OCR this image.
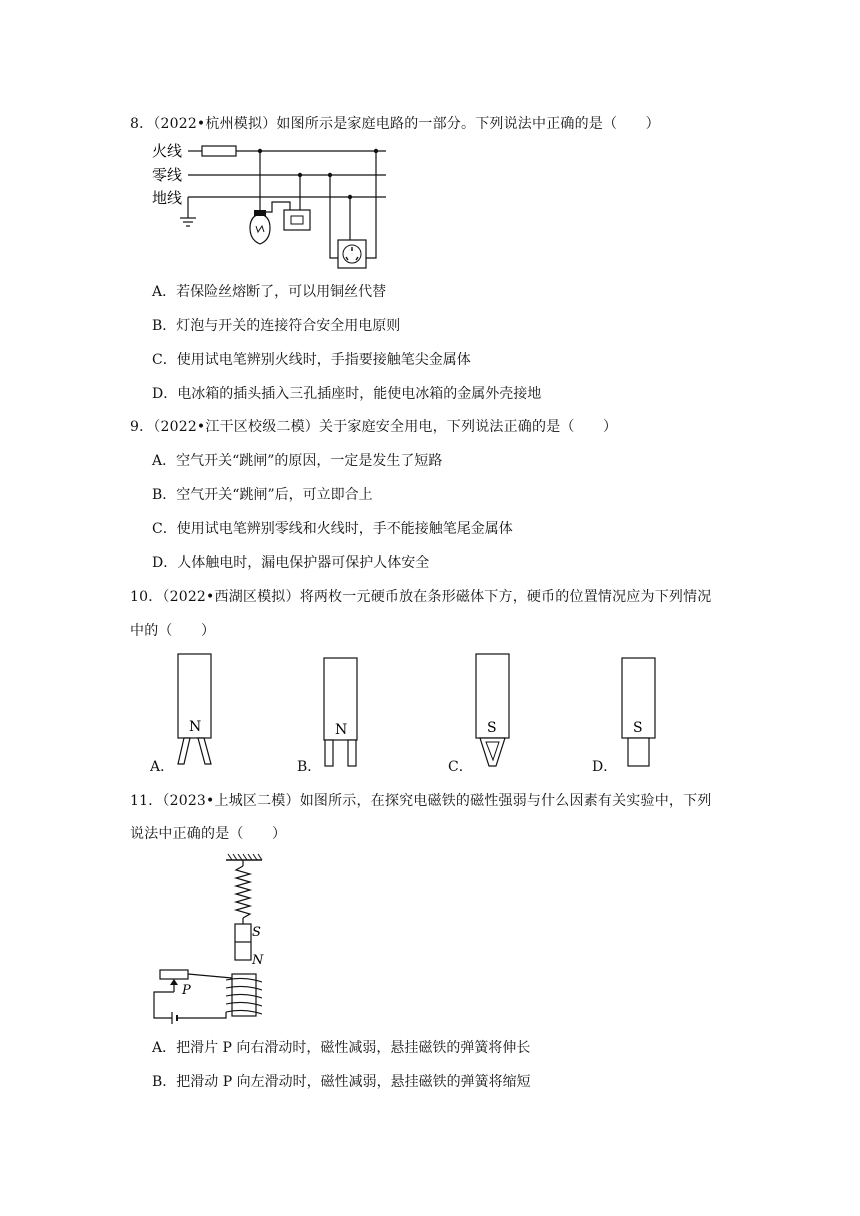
8．（2022•杭州模拟）如图所示是家庭电路的一部分。下列说法中正确的是（　　）
火线
零线
地线
A．若保险丝熔断了，可以用铜丝代替
B．灯泡与开关的连接符合安全用电原则
C．使用试电笔辨别火线时，手指要接触笔尖金属体
D．电冰箱的插头插入三孔插座时，能使电冰箱的金属外壳接地
9．（2022•江干区校级二模）关于家庭安全用电，下列说法正确的是（　　）
A．空气开关“跳闸”的原因，一定是发生了短路
B．空气开关“跳闸”后，可立即合上
C．使用试电笔辨别零线和火线时，手不能接触笔尾金属体
D．人体触电时，漏电保护器可保护人体安全
10．（2022•西湖区模拟）将两枚一元硬币放在条形磁体下方，硬币的位置情况应为下列情况
中的（　　）
A．
N
B．
N
C．
S
D．
S
11．（2023•上城区二模）如图所示，在探究电磁铁的磁性强弱与什么因素有关实验中，下列
说法中正确的是（　　）
S
N
P
A．把滑片 P 向右滑动时，磁性减弱，悬挂磁铁的弹簧将伸长
B．把滑动 P 向左滑动时，磁性减弱，悬挂磁铁的弹簧将缩短
